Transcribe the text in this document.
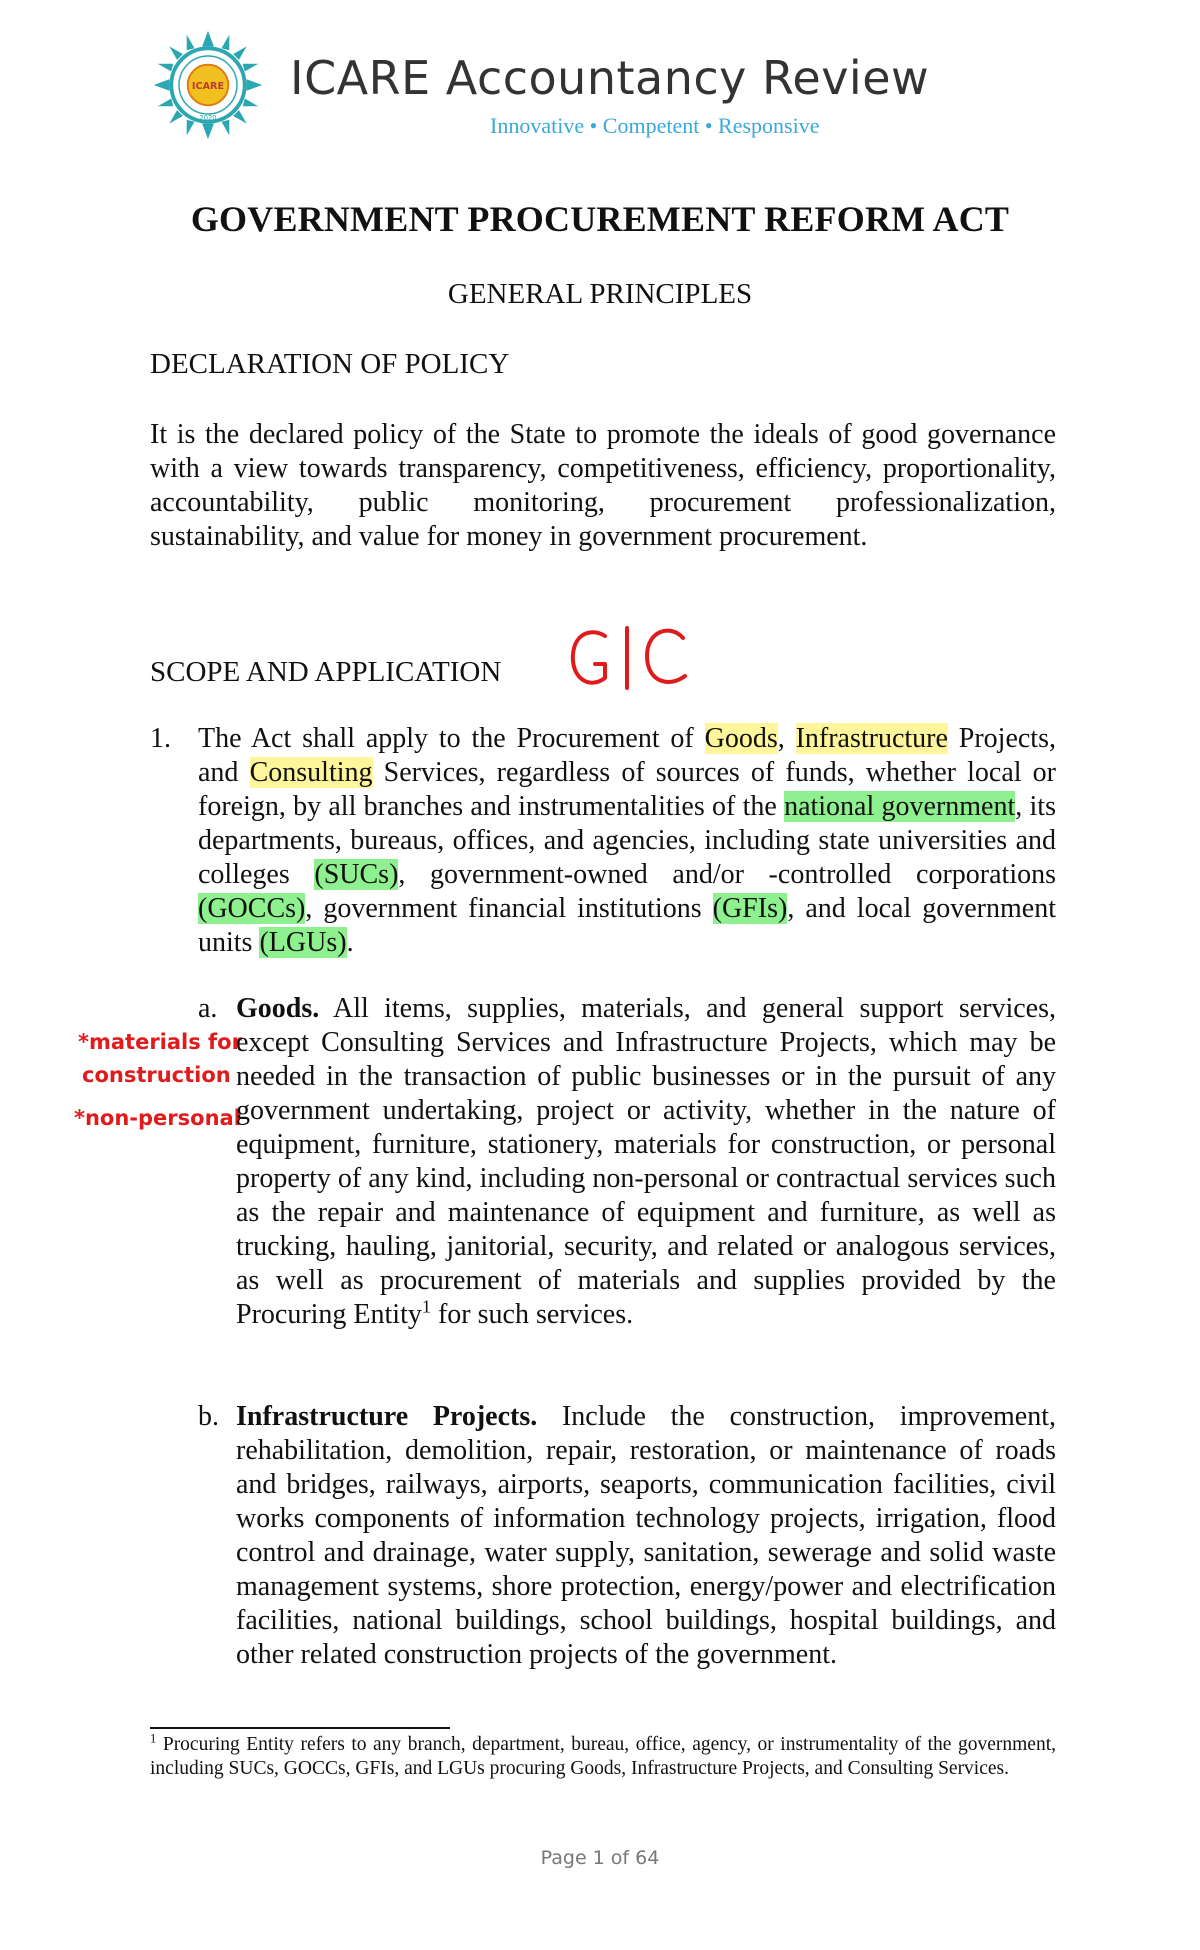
ICARE
2020
ICARE Accountancy Review
Innovative • Competent • Responsive
GOVERNMENT PROCUREMENT REFORM ACT
GENERAL PRINCIPLES
DECLARATION OF POLICY
It is the declared policy of the State to promote the ideals of good governance with a view towards transparency, competitiveness, efficiency, proportionality, accountability, public monitoring, procurement professionalization, sustainability, and value for money in government procurement.
SCOPE AND APPLICATION
GIC
1. The Act shall apply to the Procurement of Goods, Infrastructure Projects, and Consulting Services, regardless of sources of funds, whether local or foreign, by all branches and instrumentalities of the national government, its departments, bureaus, offices, and agencies, including state universities and colleges (SUCs), government-owned and/or -controlled corporations (GOCCs), government financial institutions (GFIs), and local government units (LGUs).
*materials for
construction
*non-personal
a. Goods. All items, supplies, materials, and general support services, except Consulting Services and Infrastructure Projects, which may be needed in the transaction of public businesses or in the pursuit of any government undertaking, project or activity, whether in the nature of equipment, furniture, stationery, materials for construction, or personal property of any kind, including non-personal or contractual services such as the repair and maintenance of equipment and furniture, as well as trucking, hauling, janitorial, security, and related or analogous services, as well as procurement of materials and supplies provided by the Procuring Entity$^1$ for such services.
b. Infrastructure Projects. Include the construction, improvement, rehabilitation, demolition, repair, restoration, or maintenance of roads and bridges, railways, airports, seaports, communication facilities, civil works components of information technology projects, irrigation, flood control and drainage, water supply, sanitation, sewerage and solid waste management systems, shore protection, energy/power and electrification facilities, national buildings, school buildings, hospital buildings, and other related construction projects of the government.
$^1$ Procuring Entity refers to any branch, department, bureau, office, agency, or instrumentality of the government, including SUCs, GOCCs, GFIs, and LGUs procuring Goods, Infrastructure Projects, and Consulting Services.
Page 1 of 64
